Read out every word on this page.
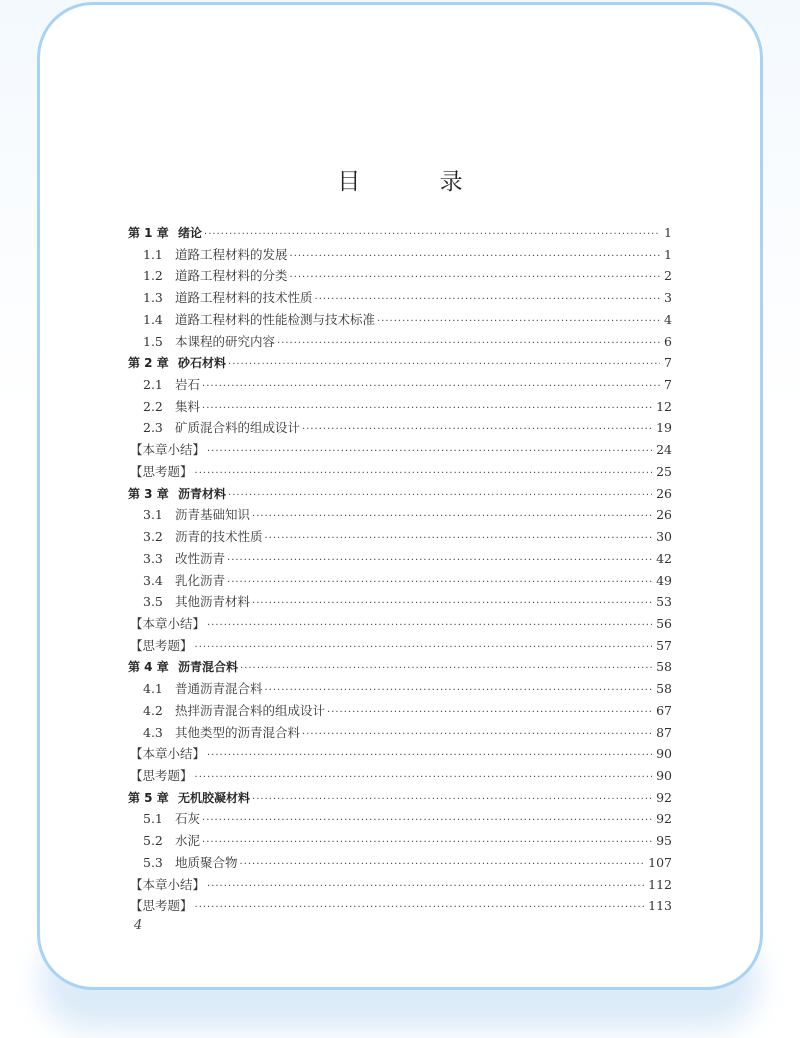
目 录
第 1 章 绪论 ·····	1
1.1 道路工程材料的发展 ·····	1
1.2 道路工程材料的分类 ·····	2
1.3 道路工程材料的技术性质 ·····	3
1.4 道路工程材料的性能检测与技术标准 ·····	4
1.5 本课程的研究内容 ·····	6
第 2 章 砂石材料 ·····	7
2.1 岩石 ·····	7
2.2 集料 ·····	12
2.3 矿质混合料的组成设计 ·····	19
【本章小结】 ·····	24
【思考题】 ·····	25
第 3 章 沥青材料 ·····	26
3.1 沥青基础知识 ·····	26
3.2 沥青的技术性质 ·····	30
3.3 改性沥青 ·····	42
3.4 乳化沥青 ·····	49
3.5 其他沥青材料 ·····	53
【本章小结】 ·····	56
【思考题】 ·····	57
第 4 章 沥青混合料 ·····	58
4.1 普通沥青混合料 ·····	58
4.2 热拌沥青混合料的组成设计 ·····	67
4.3 其他类型的沥青混合料 ·····	87
【本章小结】 ·····	90
【思考题】 ·····	90
第 5 章 无机胶凝材料 ·····	92
5.1 石灰 ·····	92
5.2 水泥 ·····	95
5.3 地质聚合物 ·····	107
【本章小结】 ·····	112
【思考题】 ·····	113
4
